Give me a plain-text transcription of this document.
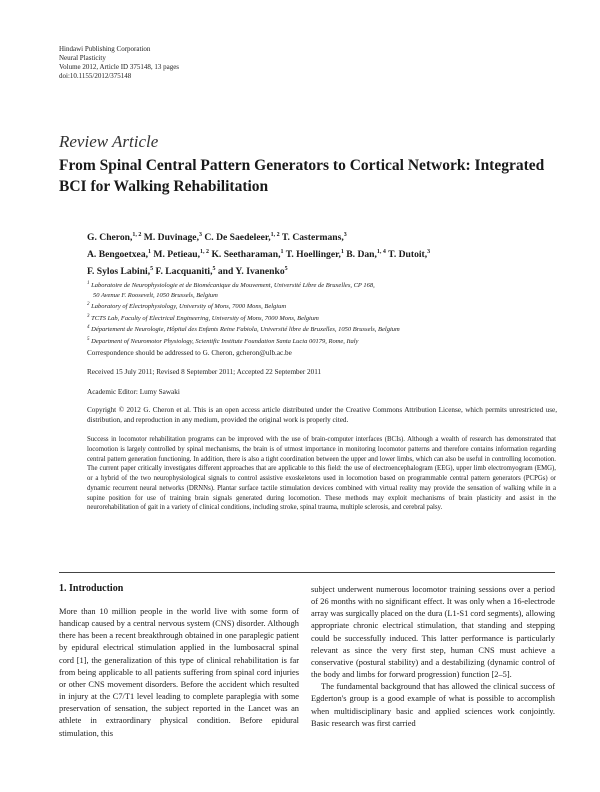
Hindawi Publishing Corporation
Neural Plasticity
Volume 2012, Article ID 375148, 13 pages
doi:10.1155/2012/375148
Review Article
From Spinal Central Pattern Generators to Cortical Network: Integrated BCI for Walking Rehabilitation
G. Cheron,$^{1, 2}$ M. Duvinage,$^3$ C. De Saedeleer,$^{1, 2}$ T. Castermans,$^3$
A. Bengoetxea,$^1$ M. Petieau,$^{1, 2}$ K. Seetharaman,$^1$ T. Hoellinger,$^1$ B. Dan,$^{1, 4}$ T. Dutoit,$^3$
F. Sylos Labini,$^5$ F. Lacquaniti,$^5$ and Y. Ivanenko$^5$
$^1$ Laboratoire de Neurophysiologie et de Biomécanique du Mouvement, Université Libre de Bruxelles, CP 168,
50 Avenue F. Roosevelt, 1050 Brussels, Belgium
$^2$ Laboratory of Electrophysiology, University of Mons, 7000 Mons, Belgium
$^3$ TCTS Lab, Faculty of Electrical Engineering, University of Mons, 7000 Mons, Belgium
$^4$ Département de Neurologie, Hôpital des Enfants Reine Fabiola, Université libre de Bruxelles, 1050 Brussels, Belgium
$^5$ Department of Neuromotor Physiology, Scientific Institute Foundation Santa Lucia 00179, Rome, Italy
Correspondence should be addressed to G. Cheron, gcheron@ulb.ac.be
Received 15 July 2011; Revised 8 September 2011; Accepted 22 September 2011
Academic Editor: Lumy Sawaki
Copyright © 2012 G. Cheron et al. This is an open access article distributed under the Creative Commons Attribution License, which permits unrestricted use, distribution, and reproduction in any medium, provided the original work is properly cited.
Success in locomotor rehabilitation programs can be improved with the use of brain-computer interfaces (BCIs). Although a wealth of research has demonstrated that locomotion is largely controlled by spinal mechanisms, the brain is of utmost importance in monitoring locomotor patterns and therefore contains information regarding central pattern generation functioning. In addition, there is also a tight coordination between the upper and lower limbs, which can also be useful in controlling locomotion. The current paper critically investigates different approaches that are applicable to this field: the use of electroencephalogram (EEG), upper limb electromyogram (EMG), or a hybrid of the two neurophysiological signals to control assistive exoskeletons used in locomotion based on programmable central pattern generators (PCPGs) or dynamic recurrent neural networks (DRNNs). Plantar surface tactile stimulation devices combined with virtual reality may provide the sensation of walking while in a supine position for use of training brain signals generated during locomotion. These methods may exploit mechanisms of brain plasticity and assist in the neurorehabilitation of gait in a variety of clinical conditions, including stroke, spinal trauma, multiple sclerosis, and cerebral palsy.
1. Introduction

More than 10 million people in the world live with some form of handicap caused by a central nervous system (CNS) disorder. Although there has been a recent breakthrough obtained in one paraplegic patient by epidural electrical stimulation applied in the lumbosacral spinal cord [1], the generalization of this type of clinical rehabilitation is far from being applicable to all patients suffering from spinal cord injuries or other CNS movement disorders. Before the accident which resulted in injury at the C7/T1 level leading to complete paraplegia with some preservation of sensation, the subject reported in the Lancet was an athlete in extraordinary physical condition. Before epidural stimulation, this

subject underwent numerous locomotor training sessions over a period of 26 months with no significant effect. It was only when a 16-electrode array was surgically placed on the dura (L1-S1 cord segments), allowing appropriate chronic electrical stimulation, that standing and stepping could be successfully induced. This latter performance is particularly relevant as since the very first step, human CNS must achieve a conservative (postural stability) and a destabilizing (dynamic control of the body and limbs for forward progression) function [2–5].

The fundamental background that has allowed the clinical success of Egderton's group is a good example of what is possible to accomplish when multidisciplinary basic and applied sciences work conjointly. Basic research was first carried
